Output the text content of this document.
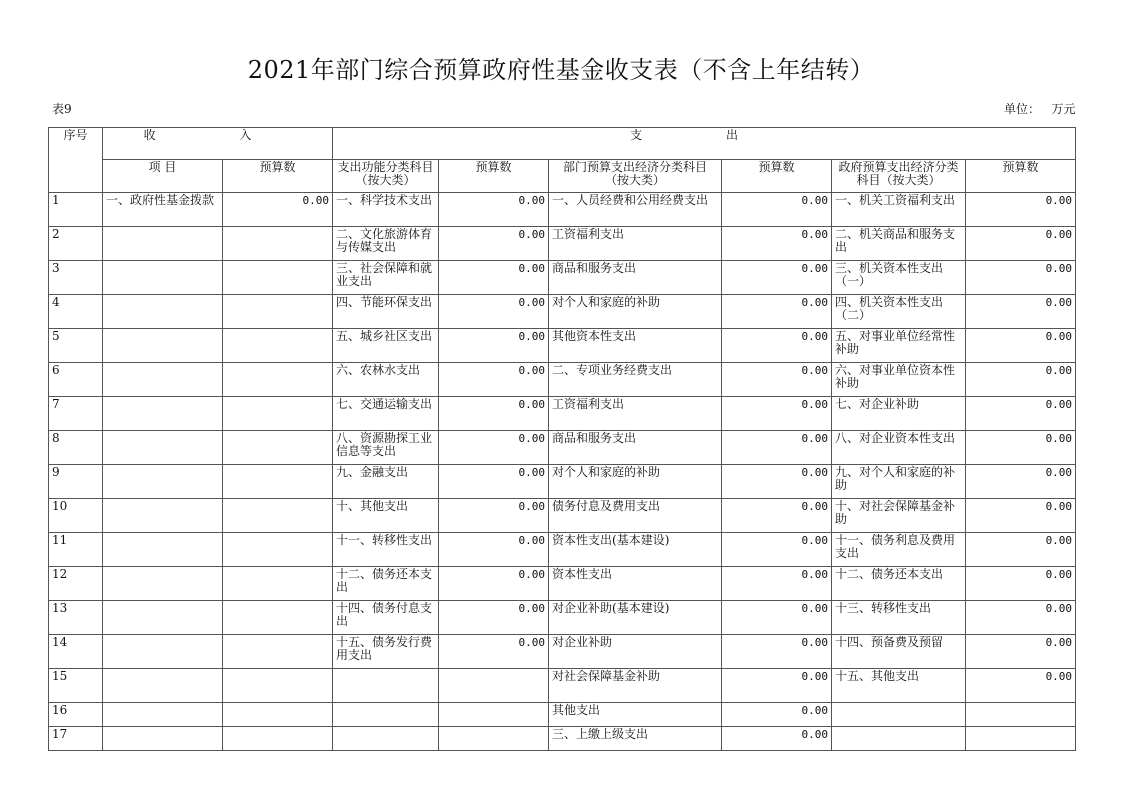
2021年部门综合预算政府性基金收支表（不含上年结转）
表9	单位： 万元
序号	收 入		支 出					
	项 目	预算数	支出功能分类科目（按大类）	预算数	部门预算支出经济分类科目（按大类）	预算数	政府预算支出经济分类科目（按大类）	预算数
1	一、政府性基金拨款	0.00	一、科学技术支出	0.00	一、人员经费和公用经费支出	0.00	一、机关工资福利支出	0.00
2			二、文化旅游体育与传媒支出	0.00	工资福利支出	0.00	二、机关商品和服务支出	0.00
3			三、社会保障和就业支出	0.00	商品和服务支出	0.00	三、机关资本性支出（一）	0.00
4			四、节能环保支出	0.00	对个人和家庭的补助	0.00	四、机关资本性支出（二）	0.00
5			五、城乡社区支出	0.00	其他资本性支出	0.00	五、对事业单位经常性补助	0.00
6			六、农林水支出	0.00	二、专项业务经费支出	0.00	六、对事业单位资本性补助	0.00
7			七、交通运输支出	0.00	工资福利支出	0.00	七、对企业补助	0.00
8			八、资源勘探工业信息等支出	0.00	商品和服务支出	0.00	八、对企业资本性支出	0.00
9			九、金融支出	0.00	对个人和家庭的补助	0.00	九、对个人和家庭的补助	0.00
10			十、其他支出	0.00	债务付息及费用支出	0.00	十、对社会保障基金补助	0.00
11			十一、转移性支出	0.00	资本性支出(基本建设)	0.00	十一、债务利息及费用支出	0.00
12			十二、债务还本支出	0.00	资本性支出	0.00	十二、债务还本支出	0.00
13			十四、债务付息支出	0.00	对企业补助(基本建设)	0.00	十三、转移性支出	0.00
14			十五、债务发行费用支出	0.00	对企业补助	0.00	十四、预备费及预留	0.00
15					对社会保障基金补助	0.00	十五、其他支出	0.00
16					其他支出	0.00		
17					三、上缴上级支出	0.00		
